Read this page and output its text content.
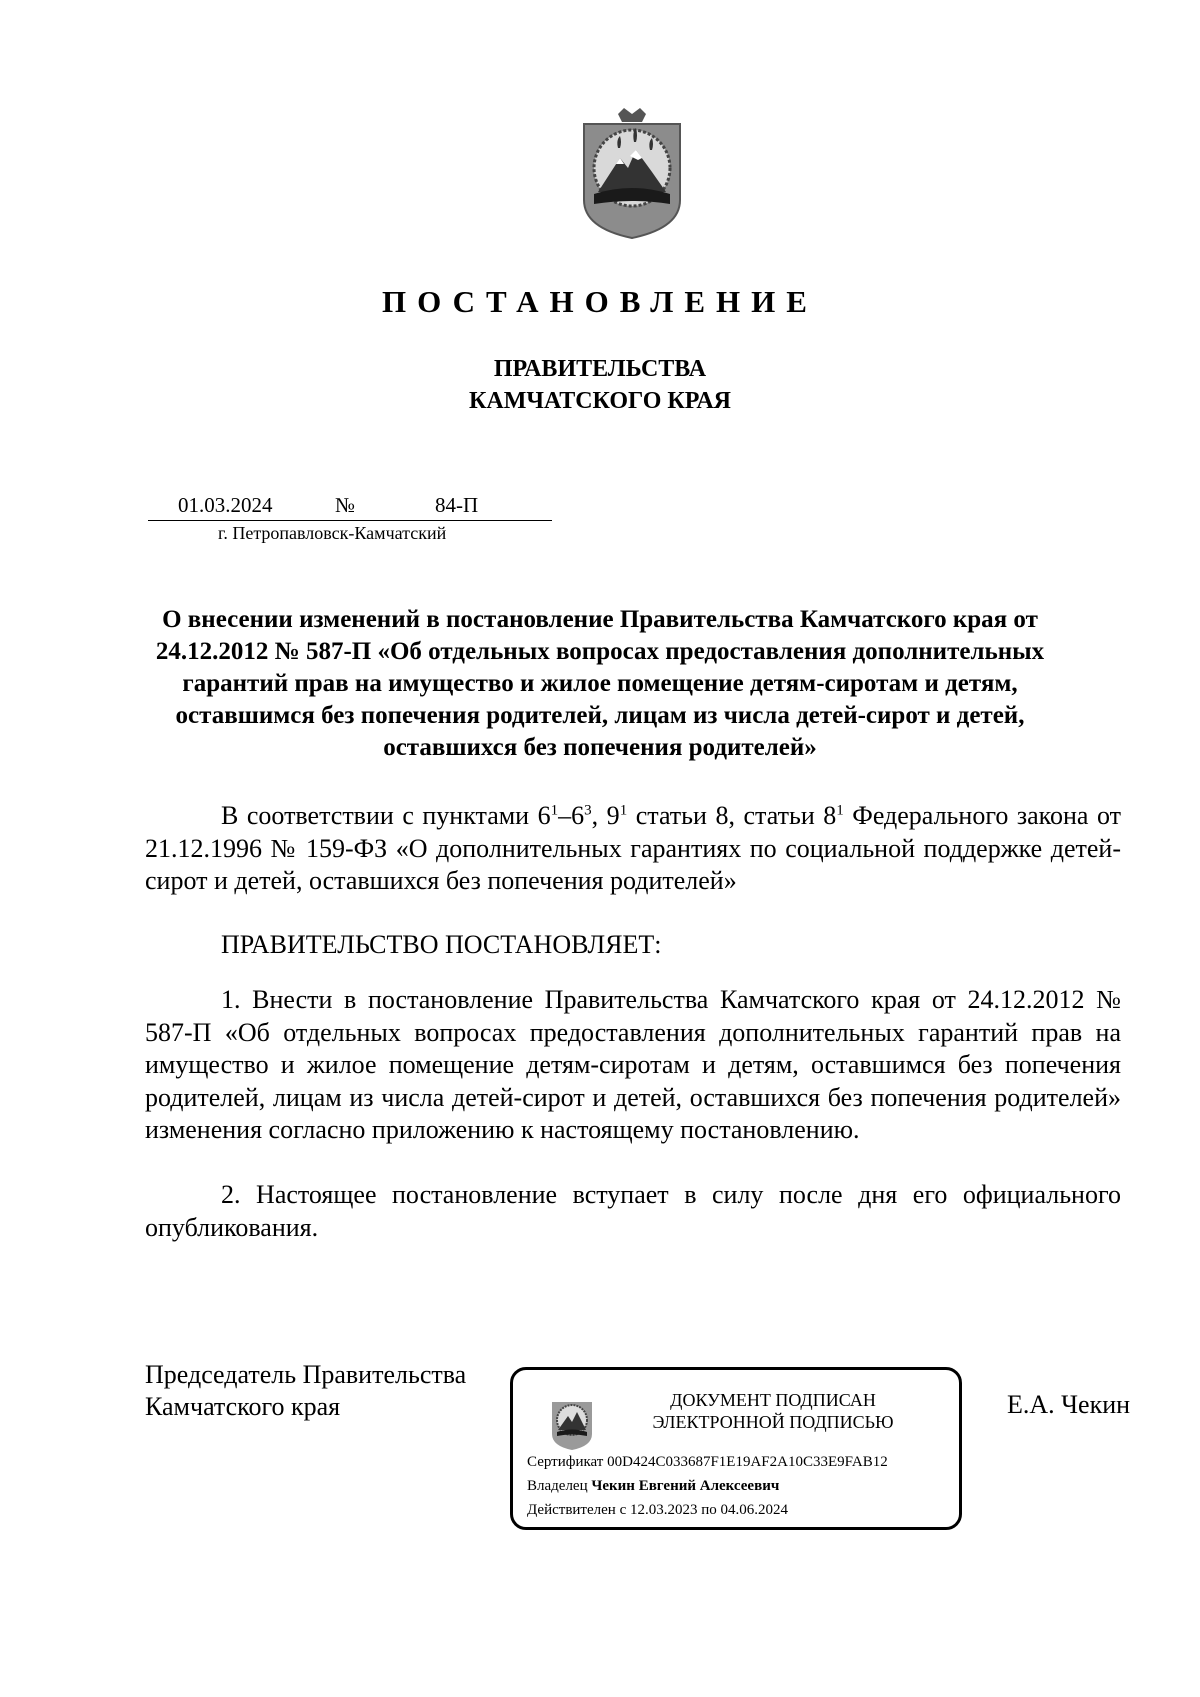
ПОСТАНОВЛЕНИЕ
ПРАВИТЕЛЬСТВА
КАМЧАТСКОГО КРАЯ
01.03.2024	№	84-П
г. Петропавловск-Камчатский
О внесении изменений в постановление Правительства Камчатского края от 24.12.2012 № 587-П «Об отдельных вопросах предоставления дополнительных гарантий прав на имущество и жилое помещение детям-сиротам и детям, оставшимся без попечения родителей, лицам из числа детей-сирот и детей, оставшихся без попечения родителей»
В соответствии с пунктами $6^1-6^3$, $9^1$ статьи 8, статьи $8^1$ Федерального закона от 21.12.1996 № 159-ФЗ «О дополнительных гарантиях по социальной поддержке детей-сирот и детей, оставшихся без попечения родителей»
ПРАВИТЕЛЬСТВО ПОСТАНОВЛЯЕТ:
1. Внести в постановление Правительства Камчатского края от 24.12.2012 № 587-П «Об отдельных вопросах предоставления дополнительных гарантий прав на имущество и жилое помещение детям-сиротам и детям, оставшимся без попечения родителей, лицам из числа детей-сирот и детей, оставшихся без попечения родителей» изменения согласно приложению к настоящему постановлению.
2. Настоящее постановление вступает в силу после дня его официального опубликования.
Председатель Правительства
Камчатского края	ДОКУМЕНТ ПОДПИСАН
ЭЛЕКТРОННОЙ ПОДПИСЬЮ
Сертификат 00D424C033687F1E19AF2A10C33E9FAB12
Владелец Чекин Евгений Алексеевич
Действителен с 12.03.2023 по 04.06.2024
Е.А. Чекин
